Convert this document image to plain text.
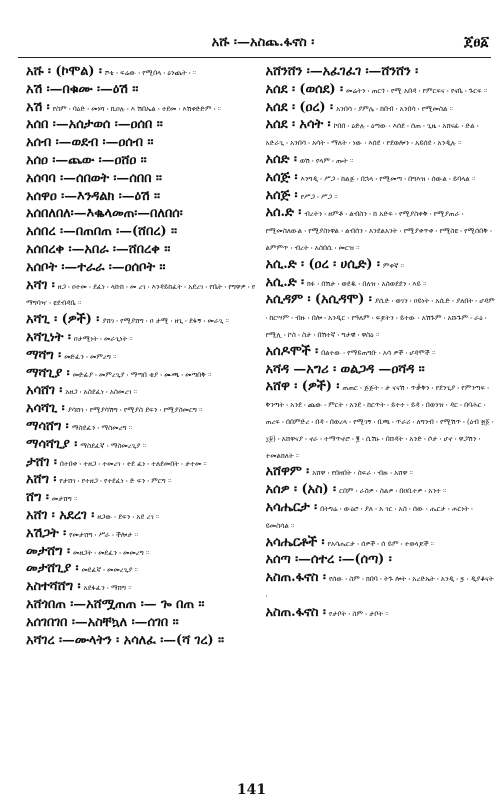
አሹ ፡—አስጨ.ፋኖስ ፡	ጀፀ፩
አሹ ፡ (ኮሞል) ፡ ሾቴ ፡ ፍሬው ፡ የሚበላ ፡ ዕንጨት ፡ ።
አሽ ፡—በቁሙ ፡—ዕሽ ።
አሽ ፡ የስም ፡ ባዕድ ፡ መነሻ ፡ ኪዐሉ ፡ እ ሽበኤል ፡ ተደመ ፡ እሽቀድድም ፡ ።
አሰበ ፡—አሰታወሰ ፡—ዐሰበ ።
አሰብ ፡—ወደብ ፡—ዐሰብ ።
አሰዐ ፡—ጨው ፡—ዐሸዐ ።
አሰባባ ፡—ሰበወት ፡—ሰበበ ።
አሰዋዐ ፡—እንዳልክ ፡—ዕሽ ።
አሰበለበለ፡—እቈላመጠ፡—በለበሰ፡
አሰበረ ፡—በጠበጠ ፡—(ሸበረ) ።
አሰበረቀ ፡—አበራ ፡—ሸበረቀ ።
አሰቦት ፡—ተራራ ፡—ዐሰቦት ።
አሻገ ፡ ዘጋ ፡ ዐተመ ፡ ደፈነ ፡ ላኩከ ፡ መ ረገ ፡ እንዳይከፈት ፡ አደረገ ፡ የቤት ፡ የግዋዎ ፡ የ ማግባዣ ፡ ዩደብዳቤ ።
አሻጊ ፡ (ዎች) ፡ ያሸገ ፡ የሚያሸግ ፡ ዐ ታሚ ፡ ዘጊ ፡ ደፋኝ ፡ መራጊ ።
አሻጊነት ፡ ዐታሚነት ፡ መራጊነት ።
ማሻግ ፡ መድፈን ፡ መምረግ ።
ማሻጊያ ፡ መድፊያ ፡ መምረጊያ ፡ ማጣበ ቂያ ፡ ሙጫ ፡ መጣበቅ ።
አሳሸገ ፡ አዘጋ ፡ አስደፈነ ፡ አስመረገ ።
አሳሻጊ ፡ ያሳሸገ ፡ የሚያሳሽግ ፡ የሚያስ ደፍን ፡ የሚያስመርግ ።
ማሳሸግ ፡ ማስደፈን ፡ ማስመረግ ።
ማሳሻጊያ ፡ ማስደፈኛ ፡ ማስመረጊያ ።
ታሸገ ፡ በተበቀ ፡ ተዘጋ ፡ ተመረገ ፡ ተደ ፈነ ፡ ተለደመበት ፡ ታተመ ።
አሸግ ፡ የታሸገ ፡ የተዘጋ ፡ የተደፈነ ፡ ድ ፍን ፡ ምርግ ።
ሸግ ፡ መታሸግ ።
አሸገ ፡ አደረገ ፡ ዘጋው ፡ ደፍን ፡ አደ ረገ ።
አሽጋት ፡ የመታሸግ ፡ ሥራ ፡ ችሎታ ።
መታሸግ ፡ መዘጋት ፡ መደፈን ፡ መመረግ ።
መታሸጊያ ፡ መደፈኛ ፡ መመረጊያ ።
አስተሻሸግ ፡ አደፋፈን ፡ ማሸግ ።
አሸጎበጠ ፡—አሸሟጠጠ ፡— ጐ በጠ ።
አሰገበገበ ፡—አስቸኳለ ፡—ሰገበ ።
አሻገረ ፡—ሙላትን ፡ አሳለፈ ፡—(ሻ ገረ) ።
አሸንሸን ፡—አፈገፈገ ፡—ሸንሸን ፡
አሰደ ፡ (ወሰደ) ፡ መሬትን ፡ ጠርጎ ፡ የሚ አበዳ ፡ የምርፍና ፡ የናቤ ፡ ጉርፍ ።
አሰደ ፡ (ዐረ) ፡ አንበሳ ፡ ያምሌ ፡ ከበብ ፡ አንበሳ ፡ የሚመስል ።
አሰደ ፡ አሳት ፡ ኮበበ ፡ ዕድሉ ፡ ዕጣው ፡ እሰደ ፡ ሰጠ ፡ ጊዜ ፡ አሸናፊ ፡ ድል ፡ አድራጊ ፡ አንበሳ ፡ አሳት ፡ ማለት ፡ ነው ፡ እሰደ ፡ የደወሎን ፡ አይሰደ ፡ አንዲሉ ።
አሰድ ፡ ወሽ ፡ የላም ፡ ጡት ።
አሰጅ ፡ እንግዲ ፡ ሥጋ ፡ ከልጅ ፡ በኋላ ፡ የሚመጣ ፡ በግእዝ ፡ ሰውል ፡ ይባላል ።
አሰጅ ፡ የሥጋ ፡ ሥጋ ።
አሰ.ድ ፡ ብረትን ፡ ዘምቶ ፡ ልብስን ፡ ከ አድፍ ፡ የሚያስቀቅ ፡ የሚያጠራ ፡ የሚመስለውል ፡ የሚያስነዋል ፡ ልብሰን ፡ አንደልአንት ፡ የሚያቀጥቀ ፡ የሚስዩ ፡ የሚሰበቅ ፡ ልምምጥ ፡ ብረት ፡ አስበሲ ፡ መርዝ ።
አሲ.ድ ፡ (ዐረ ፡ ሀሲድ) ፡ ምቀኛ ።
አሲ.ድ ፡ ክፉ ፡ በሽታ ፡ ወደዱ ፡ በለዝ ፡ አስወደደን ፡ እይ ።
አሲዳም ፡ (አሲዳሞ) ፡ ያሲድ ፡ ወገን ፡ ዐይነት ፡ አሲድ ፡ ያለበት ፡ ሆዳም ፡ ከርሣም ፡ ብዙ ፡ በሎ ፡ አንዲር ፡ የዓለም ፡ ፍጆትን ፡ ይተው ፡ አሽጉም ፡ አሹጉም ፡ ራዕ ፡ የሚሊ ፡ ኮስ ፡ ስታ ፡ በሽተኛ ፡ ግታዊ ፡ ዋስዕ ።
አሰዶሞች ፡ በልተው ፡ የማይጠግቡ ፡ አሳ ዎች ፡ ሆዳሞች ።
አሻዳ —አግሪ ፡ ወልጋዳ —ዐሻዳ ።
አሸዋ ፡ (ዎች) ፡ ጠጠር ፡ ጅጅት ፡ ታ ናናሽ ፡ ጥቃቅን ፡ የደንጊያ ፡ የምንጣፍ ፡ ቅንጣት ፡ አንደ ፡ ጨው ፡ ምርት ፡ አንደ ፡ ከርጥት ፡ ይተተ ፡ ይዳ ፡ በወንዝ ፡ ዳር ፡ በባሕር ፡ ጠረፍ ፡ በበምድረ ፡ በዳ ፡ በወረላ ፡ የሚገኝ ፡ ቢጫ ፡ ጥራሪ ፡ ለግንብ ፡ የሚሽጥ ፡ (ዕብ ፳፩ ፡ ፲፱) ፡ አሸዋናያ ፡ ኖራ ፡ ተማጥኖሮ ፡ ፪ ፡ ሲሽኑ ፡ በሸዳት ፡ አንድ ፡ ሶታ ፡ ሆኖ ፡ ዋጋሽን ፡ ተመልክለት ።
አሸዋም ፡ አሸዋ ፡ የበዛበት ፡ ስፍራ ፡ ብዙ ፡ አሸዋ ።
አሰዎ ፡ (አስ) ፡ ርበም ፡ ራስዎ ፡ ስልዎ ፡ በዐቢተዎ ፡ አንተ ።
አሳሔርታ ፡ በትግሬ ፡ ውዕሮ ፡ ያለ ፡ አ ገር ፡ አስ ፡ ሰው ፡ ሔርታ ፡ ሐርነት ፡ ይመስሳል ።
አሳሔርቶች ፡ የአሳሔርታ ፡ ሰዎች ፡ ሰ ይም ፡ ተወላጆች ።
አሰጣ ፡—ሰተረ ፡—(ሰጣ) ፡
አስጠ.ፋኖስ ፡ የሰው ፡ ስም ፡ ክበባ ፡ ትጉ ሎት ፡ አረድኤት ፡ አንዲ ፡ ፯ ፡ ዲያቆናት ፡
አስጠ.ፋኖስ ፡ የታቦት ፡ ስም ፡ ታቦት ።
141
